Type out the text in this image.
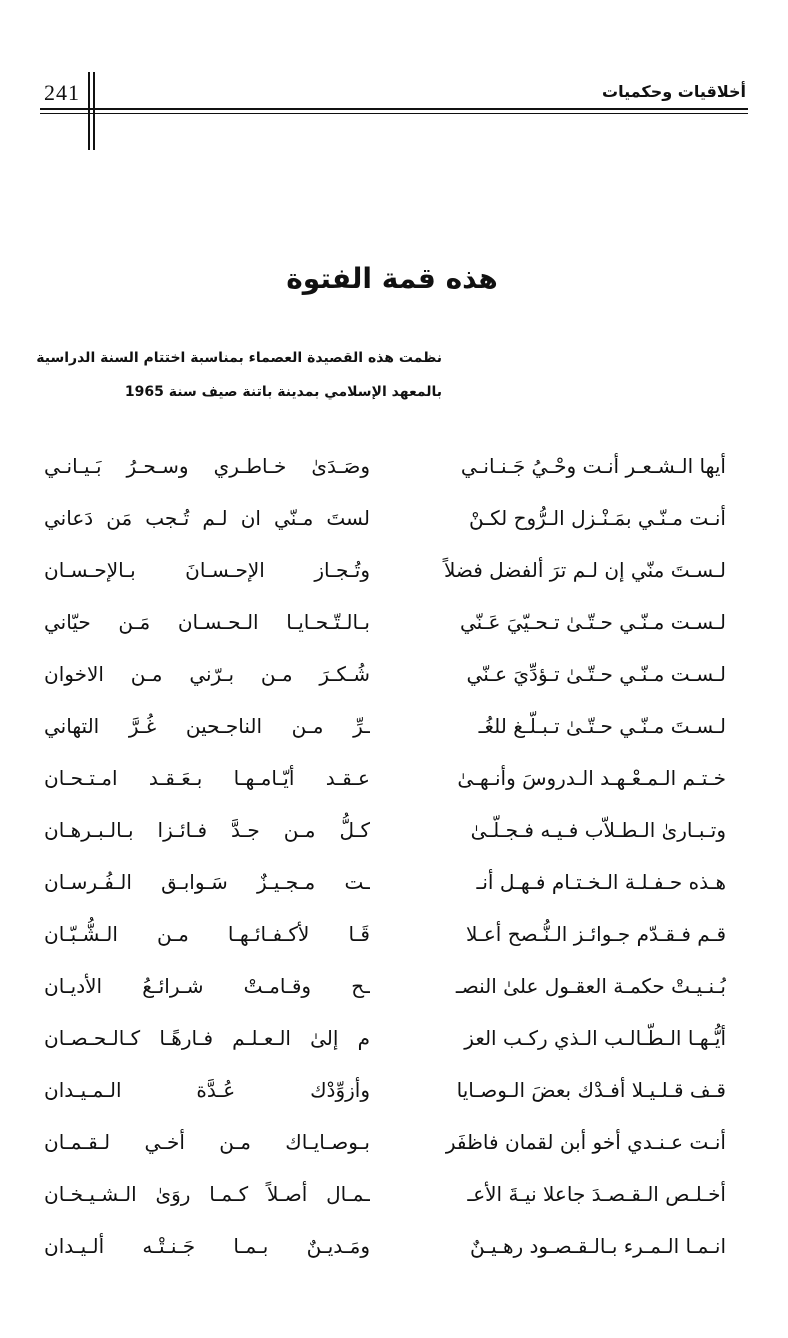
241	أخلاقيات وحكميات
هذه قمة الفتوة
نظمت هذه القصيدة العصماء بمناسبة اختتام السنة الدراسية
بالمعهد الإسلامي بمدينة باتنة صيف سنة 1965
أيها الـشـعـر أنـت وحْـيُ جَـنـانـي
وصَـدَىٰ خـاطـري وسـحـرُ بَـيـانـي
أنـت مـنّـي بمَـنْـزل الـرُّوح لكـنْ
لستَ مـنّي ان لـم تُـجب مَن دَعاني
لـسـتَ منّي إن لـم ترَ ألفضل فضلاً
وتُـجـاز الإحـسـانَ بـالإحـسـان
لـسـت مـنّـي حـتّـىٰ تـحـيّيَ عَـنّي
بـالـتّـحـايـا الـحـسـان مَـن حيّاني
لـسـت مـنّـي حـتّـىٰ تـؤدِّيَ عـنّي
شُـكـرَ مـن بـرّني مـن الاخوان
لـسـتَ مـنّـي حـتّـىٰ تـبـلّـغ للغُـ
ـرِّ مـن الناجـحين غُـرَّ التهاني
خـتـم الـمـعْـهـد الـدروسَ وأنـهـىٰ
عـقـد أيّـامـهـا بـعَـقـد امـتـحـان
وتـبـارىٰ الـطـلاّب فـيـه فـجـلّـىٰ
كـلُّ مـن جـدَّ فـائـزا بـالـبـرهـان
هـذه حـفـلـة الـخـتـام فـهـل أنـ
ـت مـجـيـزٌ سَـوابـق الـفُـرسـان
قـم فـقـدّم جـوائـز الـنُّـصح أعـلا
قَـا لأكـفـائـهـا مـن الـشُّـبّـان
بُـنـيـتْ حكمـة العقـول علىٰ النصـ
ـح وقـامـتْ شـرائـعُ الأديـان
أيُّـهـا الـطّـالـب الـذي ركـب العز
م إلىٰ الـعـلـم فـارهًـا كـالـحـصـان
قـف قـلـيـلا أفـدْك بعضَ الـوصـايا
وأزوِّدْك عُـدَّة الـمـيـدان
أنـت عـنـدي أخو أبن لقمان فاظفَر
بـوصـايـاك مـن أخـي لـقـمـان
أخـلـص الـقـصـدَ جاعلا نيـةَ الأعـ
ـمـال أصـلاً كـمـا روَىٰ الـشـيـخـان
انـمـا الـمـرء بـالـقـصـود رهـيـنٌ
ومَـديـنٌ بـمـا جَـنـتْـه ألـيـدان
